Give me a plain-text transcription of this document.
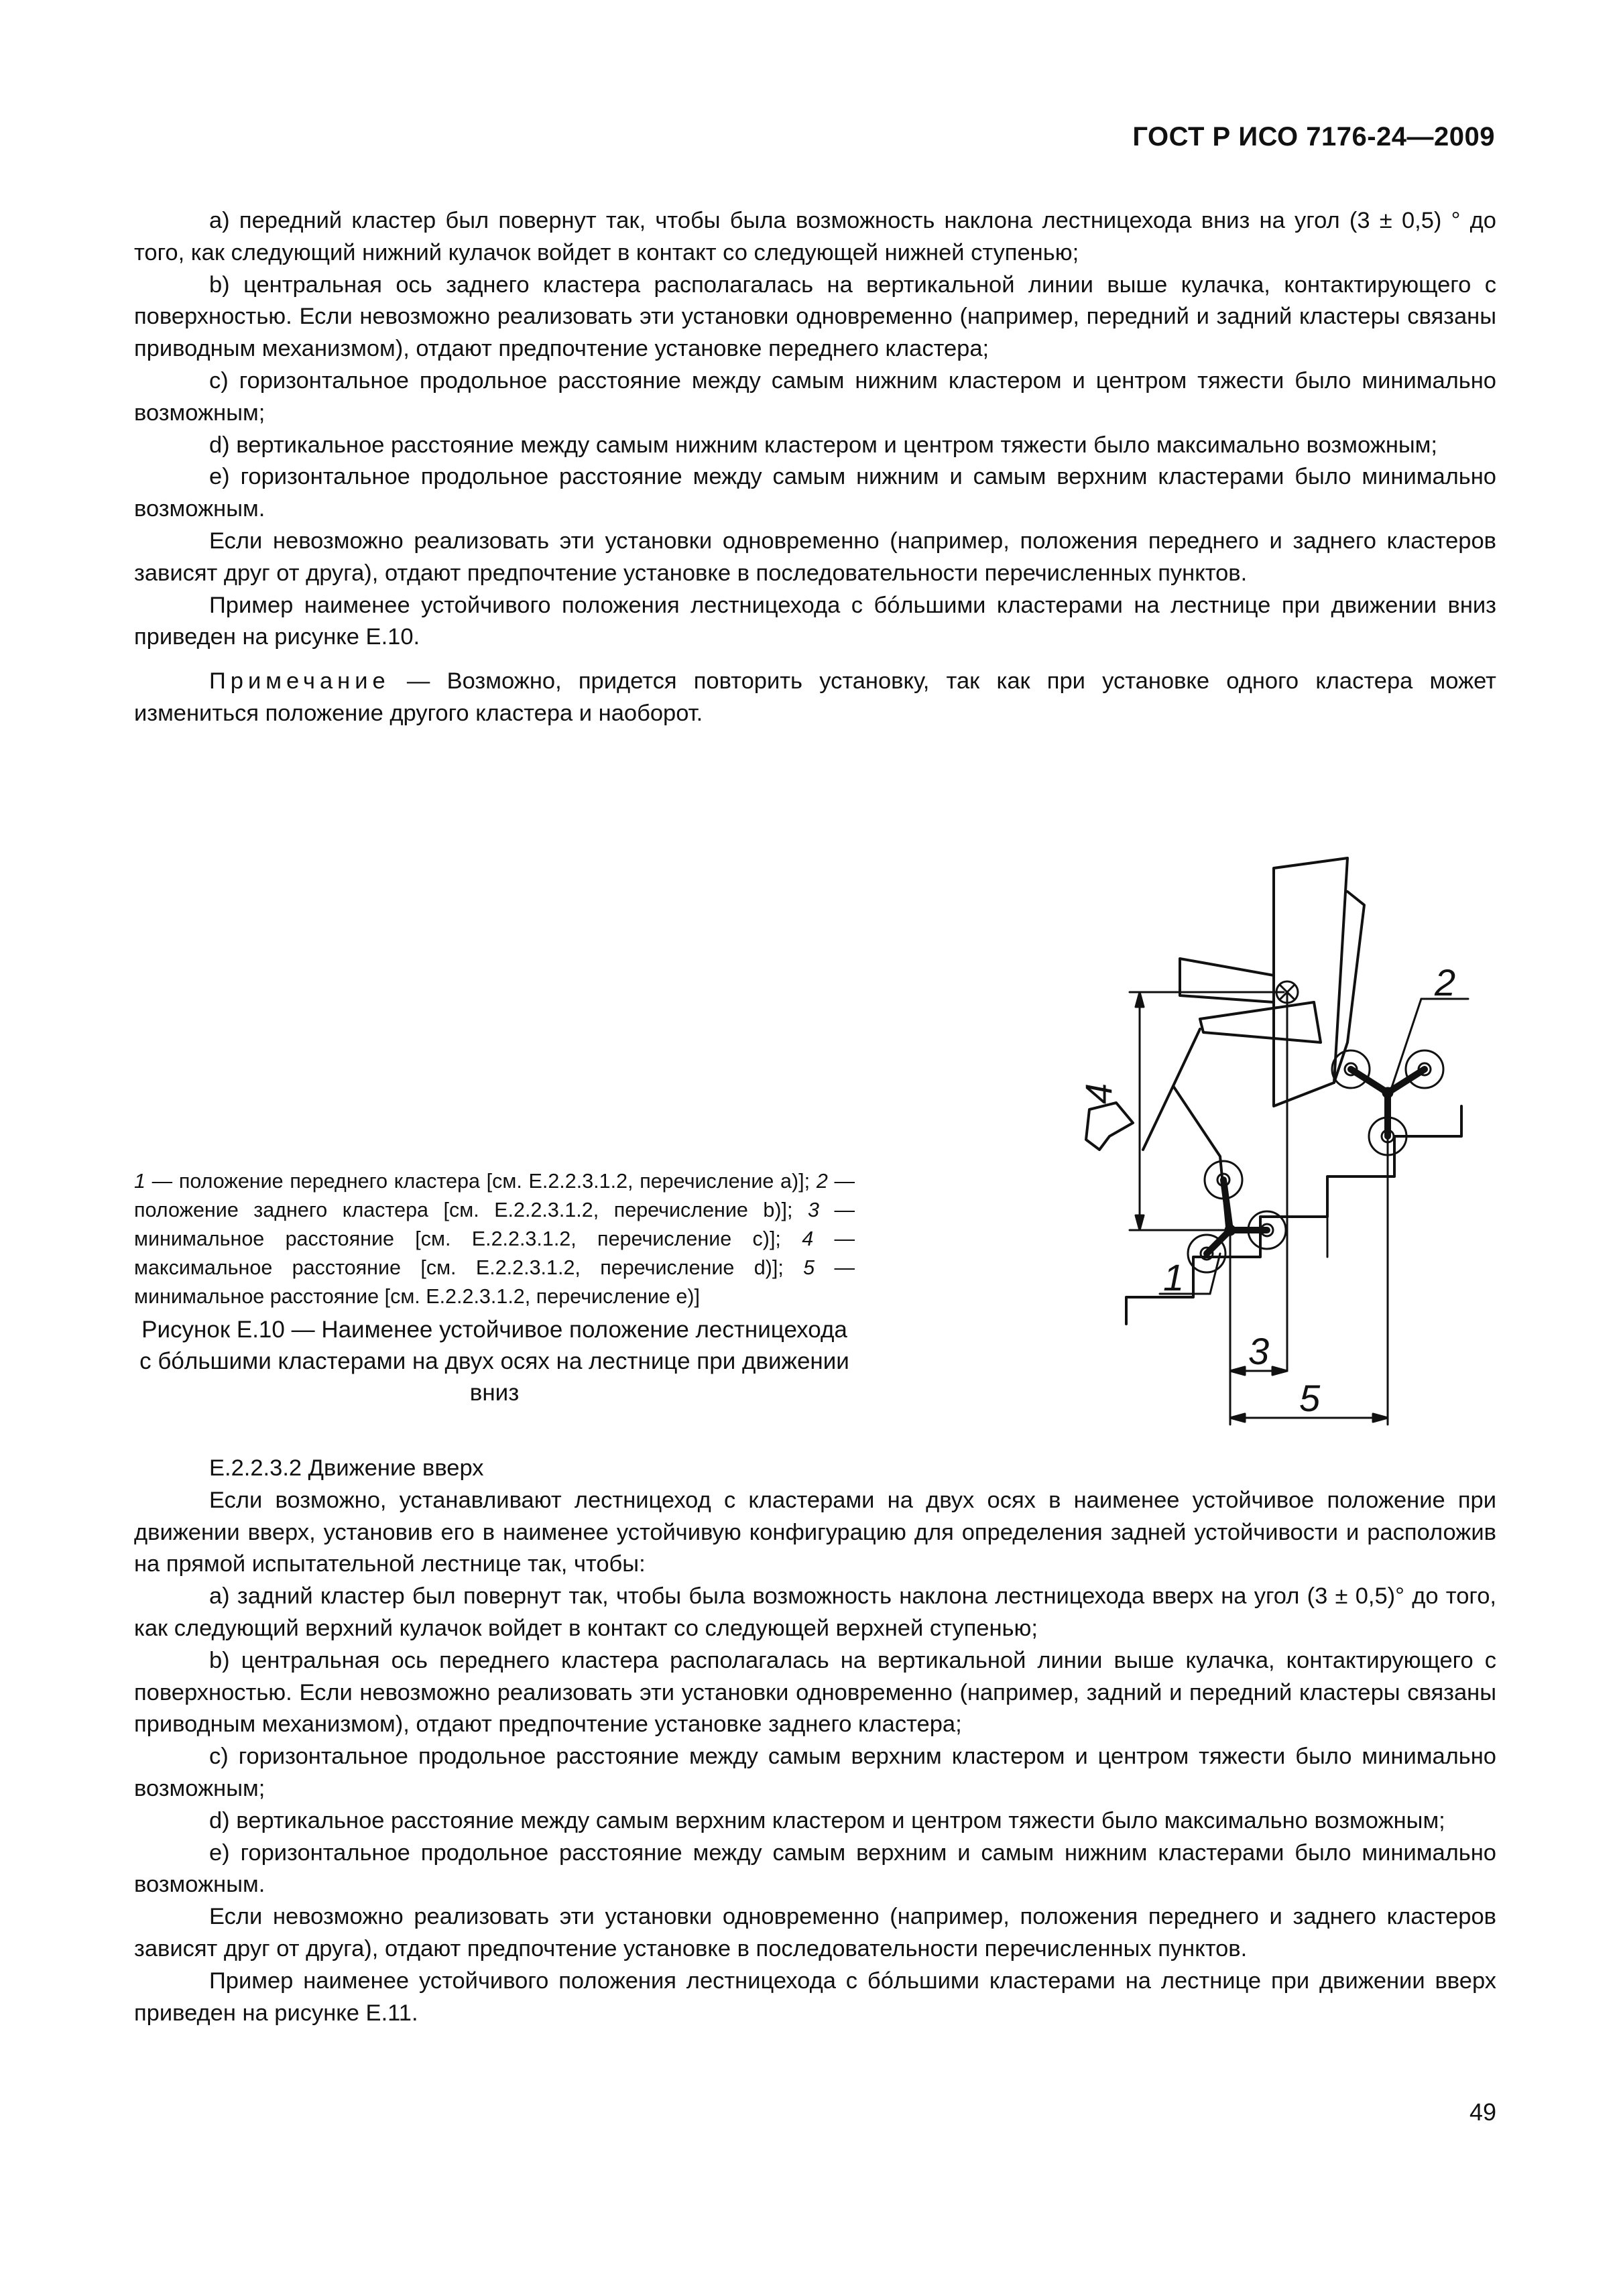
ГОСТ Р ИСО 7176-24—2009

a) передний кластер был повернут так, чтобы была возможность наклона лестницехода вниз на угол (3 ± 0,5) ° до того, как следующий нижний кулачок войдет в контакт со следующей нижней ступенью;

b) центральная ось заднего кластера располагалась на вертикальной линии выше кулачка, контактирующего с поверхностью. Если невозможно реализовать эти установки одновременно (например, передний и задний кластеры связаны приводным механизмом), отдают предпочтение установке переднего кластера;

c) горизонтальное продольное расстояние между самым нижним кластером и центром тяжести было минимально возможным;

d) вертикальное расстояние между самым нижним кластером и центром тяжести было максимально возможным;

e) горизонтальное продольное расстояние между самым нижним и самым верхним кластерами было минимально возможным.

Если невозможно реализовать эти установки одновременно (например, положения переднего и заднего кластеров зависят друг от друга), отдают предпочтение установке в последовательности перечисленных пунктов.

Пример наименее устойчивого положения лестницехода с бóльшими кластерами на лестнице при движении вниз приведен на рисунке Е.10.

Примечание — Возможно, придется повторить установку, так как при установке одного кластера может измениться положение другого кластера и наоборот.

4
2
1
3
5
1 — положение переднего кластера [см. Е.2.2.3.1.2, перечисление а)]; 2 — положение заднего кластера [см. Е.2.2.3.1.2, перечисление b)]; 3 — минимальное расстояние [см. Е.2.2.3.1.2, перечисление с)]; 4 — максимальное расстояние [см. Е.2.2.3.1.2, перечисление d)]; 5 — минимальное расстояние [см. Е.2.2.3.1.2, перечисление е)]
Рисунок Е.10 — Наименее устойчивое положение лестницехода с бóльшими кластерами на двух осях на лестнице при движении вниз

Е.2.2.3.2 Движение вверх

Если возможно, устанавливают лестницеход с кластерами на двух осях в наименее устойчивое положение при движении вверх, установив его в наименее устойчивую конфигурацию для определения задней устойчивости и расположив на прямой испытательной лестнице так, чтобы:

a) задний кластер был повернут так, чтобы была возможность наклона лестницехода вверх на угол (3 ± 0,5)° до того, как следующий верхний кулачок войдет в контакт со следующей верхней ступенью;

b) центральная ось переднего кластера располагалась на вертикальной линии выше кулачка, контактирующего с поверхностью. Если невозможно реализовать эти установки одновременно (например, задний и передний кластеры связаны приводным механизмом), отдают предпочтение установке заднего кластера;

c) горизонтальное продольное расстояние между самым верхним кластером и центром тяжести было минимально возможным;

d) вертикальное расстояние между самым верхним кластером и центром тяжести было максимально возможным;

e) горизонтальное продольное расстояние между самым верхним и самым нижним кластерами было минимально возможным.

Если невозможно реализовать эти установки одновременно (например, положения переднего и заднего кластеров зависят друг от друга), отдают предпочтение установке в последовательности перечисленных пунктов.

Пример наименее устойчивого положения лестницехода с бóльшими кластерами на лестнице при движении вверх приведен на рисунке Е.11.

49
